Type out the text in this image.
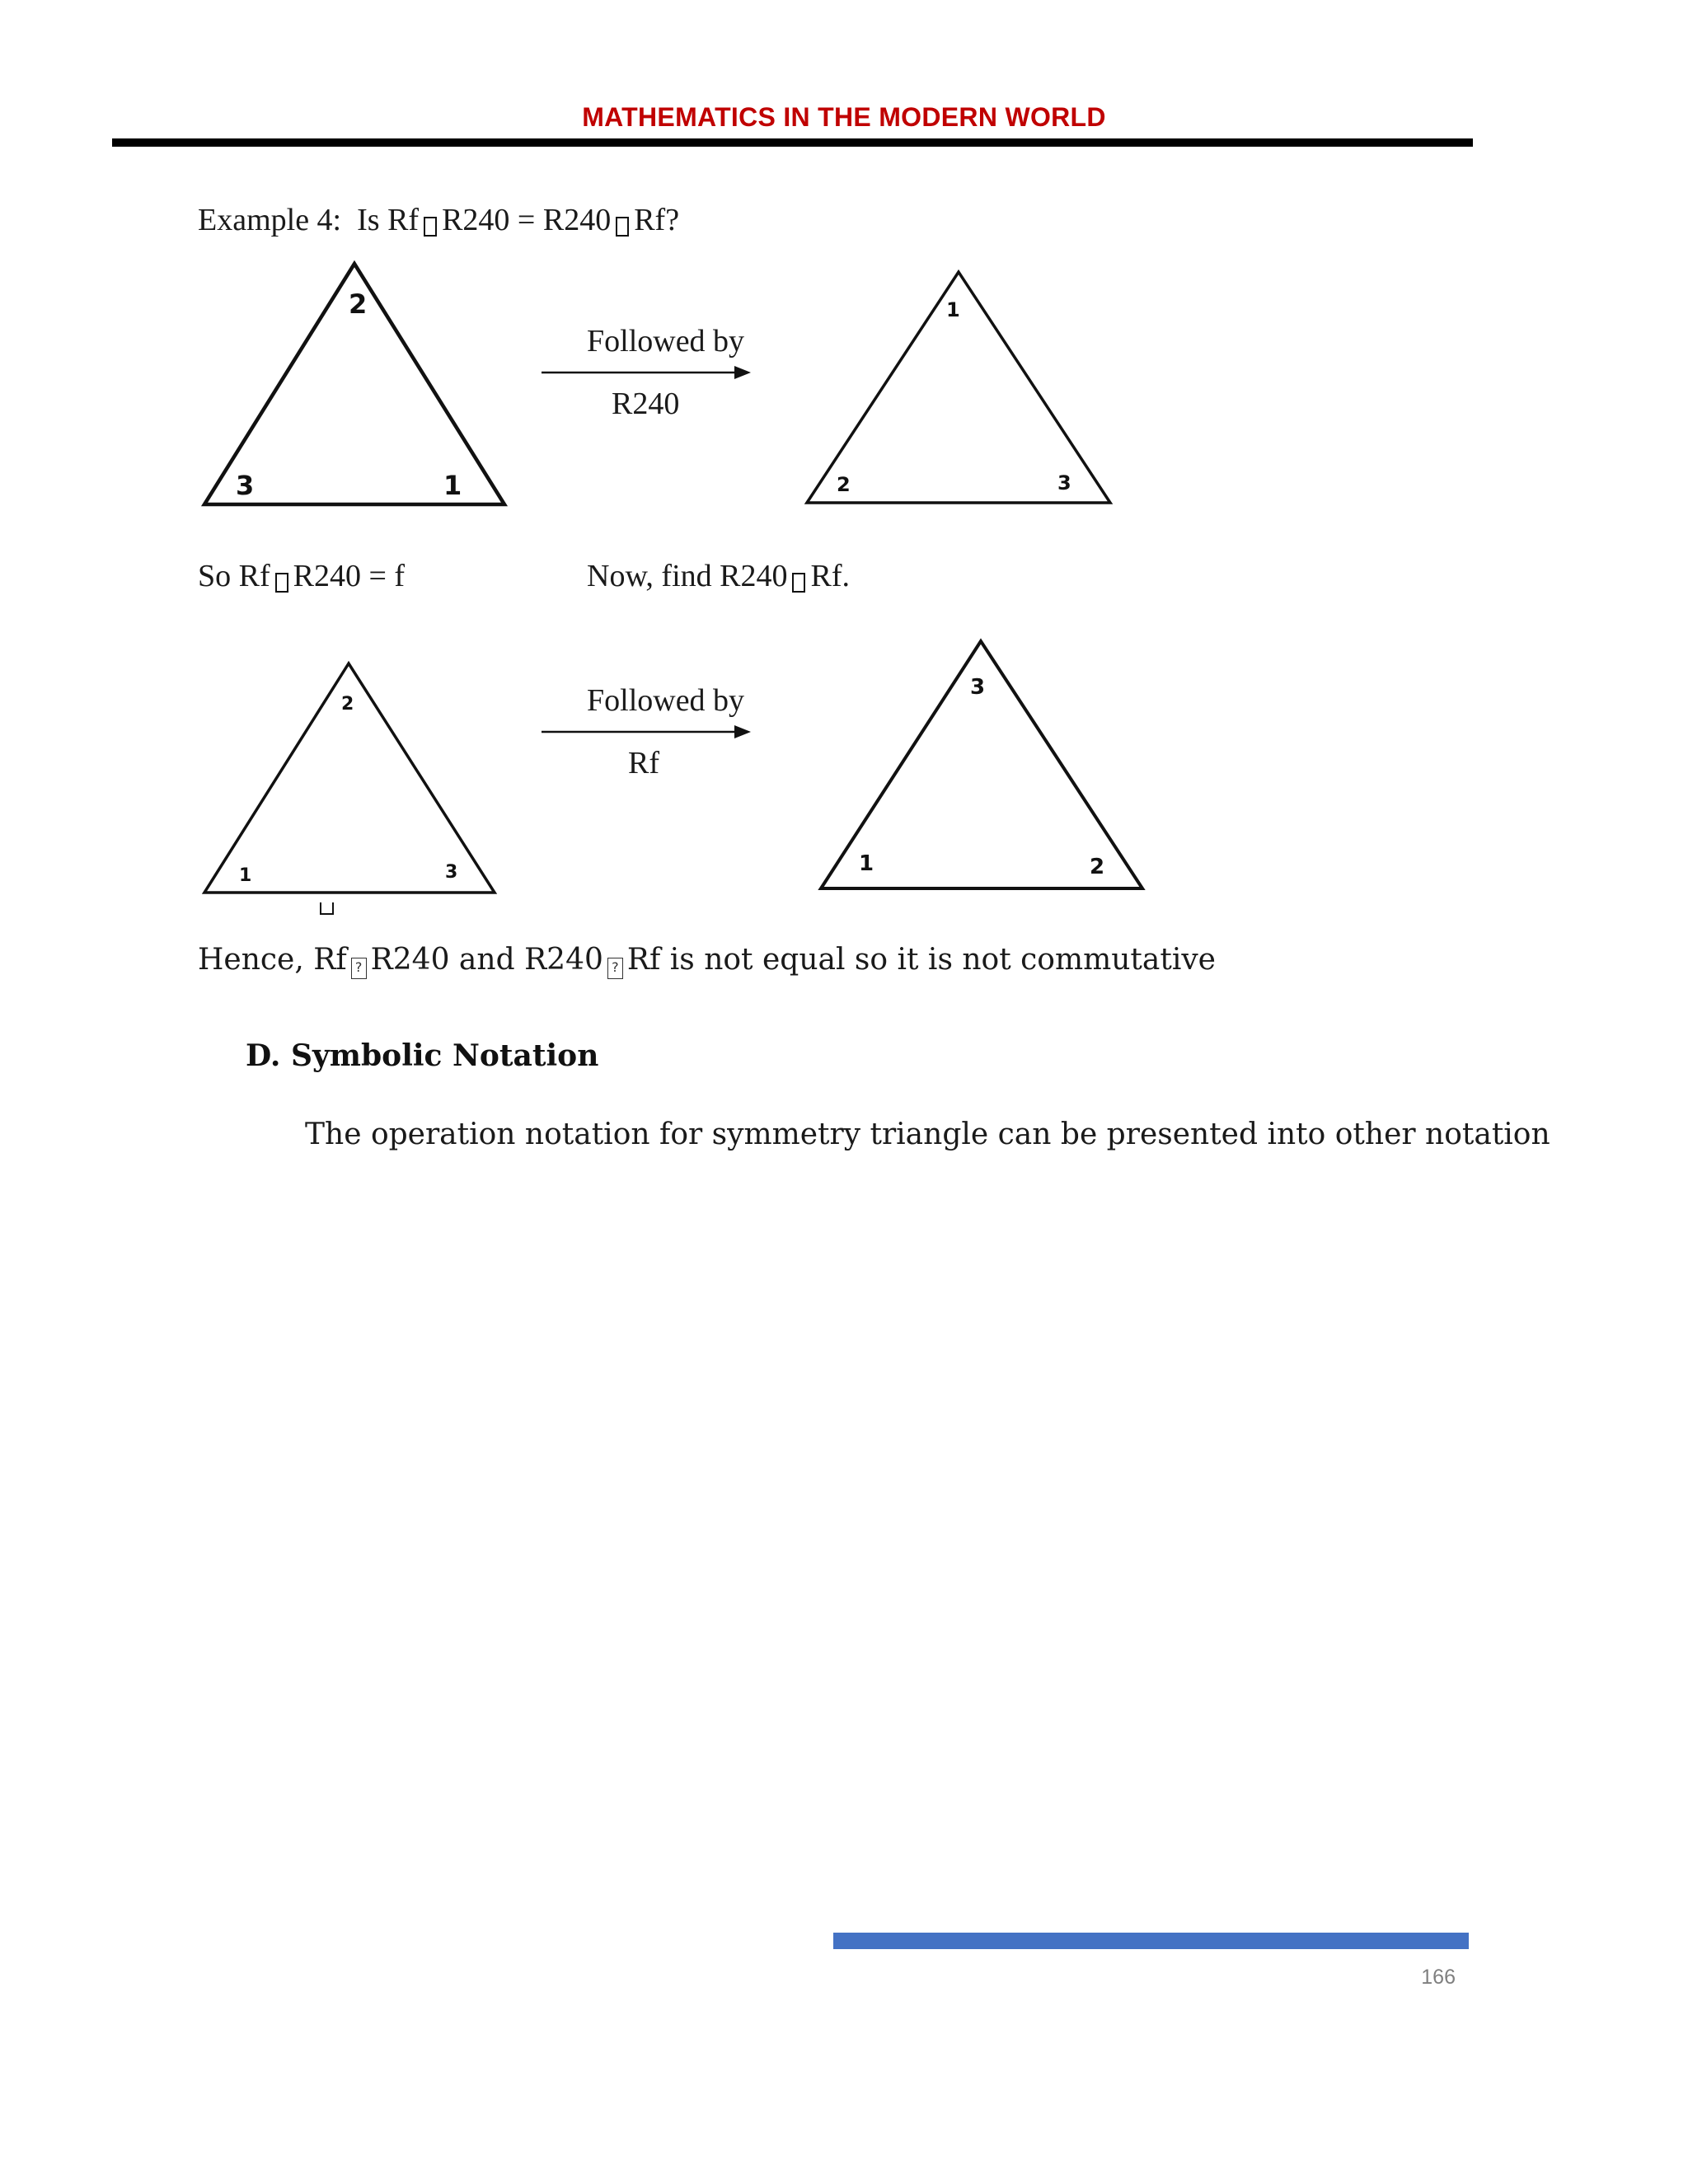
MATHEMATICS IN THE MODERN WORLD
Example 4: Is Rf R240 = R240 Rf?
2
3	1
Followed by
R240
1
2	3
So Rf R240 = f	Now, find R240 Rf.
2
1	3
Followed by
Rf
3
1	2
Hence, Rf ? R240 and R240 ? Rf is not equal so it is not commutative
D. Symbolic Notation
The operation notation for symmetry triangle can be presented into other notation
166
